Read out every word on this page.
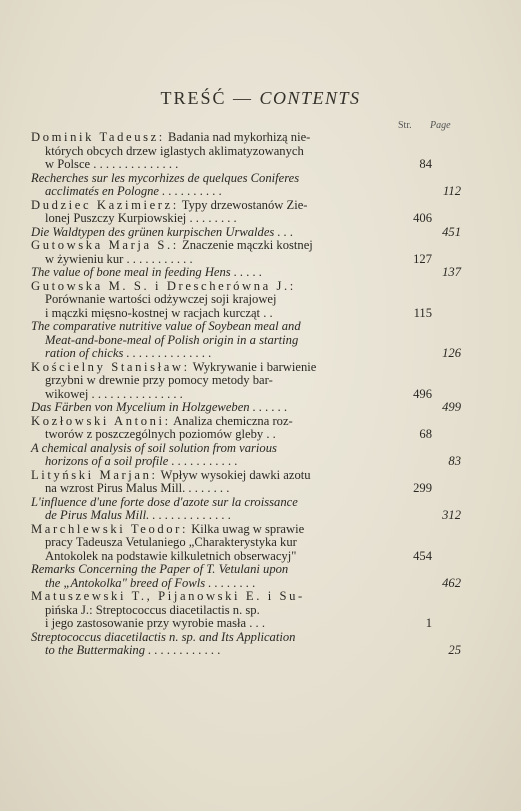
TREŚĆ — CONTENTS
Str. Page
Dominik Tadeusz: Badania nad mykorhizą nie-
których obcych drzew iglastych aklimatyzowanych
w Polsce . . . . . . . . . . . . . .	84
Recherches sur les mycorhizes de quelques Coniferes
acclimatés en Pologne . . . . . . . . . .	112
Dudziec Kazimierz: Typy drzewostanów Zie-
lonej Puszczy Kurpiowskiej . . . . . . . .	406
Die Waldtypen des grünen kurpischen Urwaldes . . .	451
Gutowska Marja S.: Znaczenie mączki kostnej
w żywieniu kur . . . . . . . . . . .	127
The value of bone meal in feeding Hens . . . . .	137
Gutowska M. S. i Drescherówna J.:
Porównanie wartości odżywczej soji krajowej
i mączki mięsno-kostnej w racjach kurcząt . .	115
The comparative nutritive value of Soybean meal and
Meat-and-bone-meal of Polish origin in a starting
ration of chicks . . . . . . . . . . . . . .	126
Kościelny Stanisław: Wykrywanie i barwienie
grzybni w drewnie przy pomocy metody bar-
wikowej . . . . . . . . . . . . . . .	496
Das Färben von Mycelium in Holzgeweben . . . . . .	499
Kozłowski Antoni: Analiza chemiczna roz-
tworów z poszczególnych poziomów gleby . .	68
A chemical analysis of soil solution from various
horizons of a soil profile . . . . . . . . . . .	83
Lityński Marjan: Wpływ wysokiej dawki azotu
na wzrost Pirus Malus Mill. . . . . . . .	299
L'influence d'une forte dose d'azote sur la croissance
de Pirus Malus Mill. . . . . . . . . . . . . .	312
Marchlewski Teodor: Kilka uwag w sprawie
pracy Tadeusza Vetulaniego „Charakterystyka kur
Antokolek na podstawie kilkuletnich obserwacyj"	454
Remarks Concerning the Paper of T. Vetulani upon
the „Antokolka" breed of Fowls . . . . . . . .	462
Matuszewski T., Pijanowski E. i Su-
pińska J.: Streptococcus diacetilactis n. sp.
i jego zastosowanie przy wyrobie masła . . .	1
Streptococcus diacetilactis n. sp. and Its Application
to the Buttermaking . . . . . . . . . . . .	25
